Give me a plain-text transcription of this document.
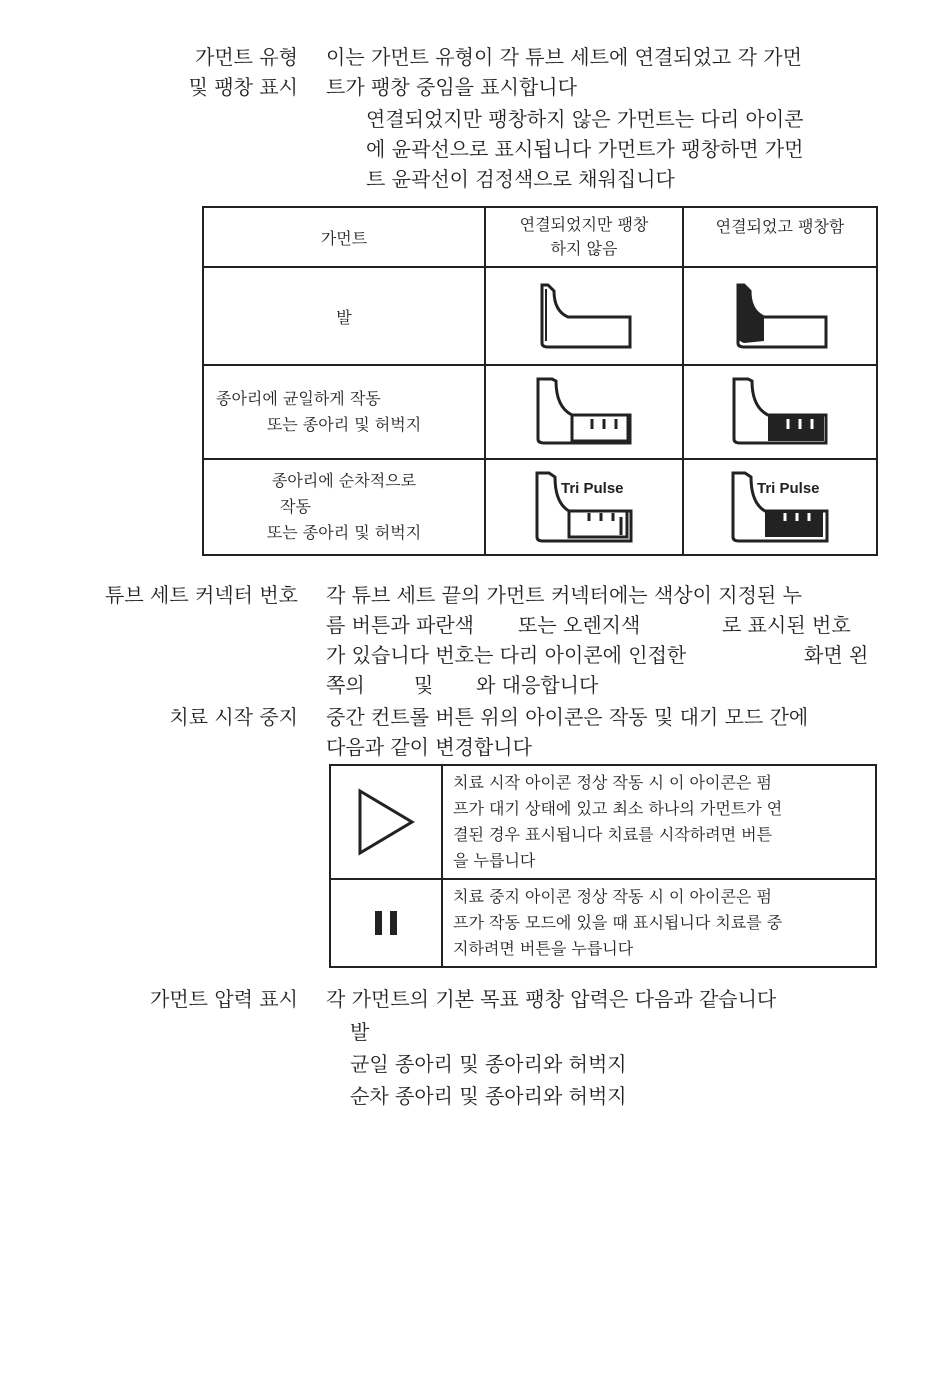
가먼트 유형
및 팽창 표시
이는 가먼트 유형이 각 튜브 세트에 연결되었고 각 가먼
트가 팽창 중임을 표시합니다
연결되었지만 팽창하지 않은 가먼트는 다리 아이콘
에 윤곽선으로 표시됩니다 가먼트가 팽창하면 가먼
트 윤곽선이 검정색으로 채워집니다
가먼트	연결되었지만 팽창
하지 않음	연결되었고 팽창함
발	

종아리에 균일하게 작동
또는 종아리 및 허벅지

종아리에 순차적으로
작동
또는 종아리 및 허벅지	Tri Pulse	Tri Pulse
튜브 세트 커넥터 번호 각 튜브 세트 끝의 가먼트 커넥터에는 색상이 지정된 누
름 버튼과 파란색 또는 오렌지색	로 표시된 번호
가 있습니다 번호는 다리 아이콘에 인접한	화면 왼
쪽의 및 와 대응합니다
치료 시작 중지 중간 컨트롤 버튼 위의 아이콘은 작동 및 대기 모드 간에
다음과 같이 변경합니다

치료 시작 아이콘 정상 작동 시 이 아이콘은 펌
프가 대기 상태에 있고 최소 하나의 가먼트가 연
결된 경우 표시됩니다 치료를 시작하려면 버튼
을 누릅니다

치료 중지 아이콘 정상 작동 시 이 아이콘은 펌
프가 작동 모드에 있을 때 표시됩니다 치료를 중
지하려면 버튼을 누릅니다
가먼트 압력 표시 각 가먼트의 기본 목표 팽창 압력은 다음과 같습니다
발
균일 종아리 및 종아리와 허벅지
순차 종아리 및 종아리와 허벅지
